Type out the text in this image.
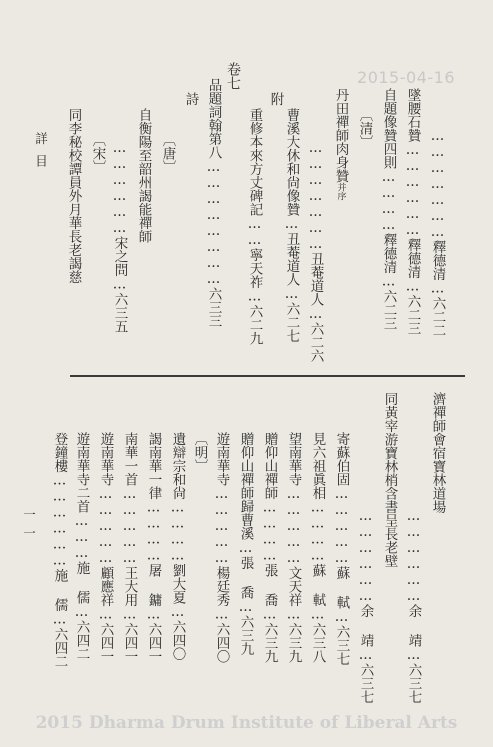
2015-04-16
詳目	…………………釋德清…六二二
墜腰石贊………………釋德清…六二三
自題像贊四則…………釋德清…六二三
〔清〕
丹田禪師肉身贊并序
…………………丑菴道人…六二六
曹溪大休和尙像贊…丑菴道人…六二七
附
重修本來方丈碑記……寧天祚…六二九
卷七
品題詞翰第八……………………六三三
詩
〔唐〕
自衡陽至韶州謁能禪師
………………宋之問…六三五
〔宋〕
同李秘校譚員外月華長老謁慈
濟禪師會宿寶林道場
………………余 靖…六三七
同黃宰游寶林梢含書呈長老壁
………………余 靖…六三七
寄蘇伯固……………蘇 軾…六三七
見六祖眞相…………蘇 軾…六三八
望南華寺……………文天祥…六三九
贈仰山禪師…………張 喬…六三九
贈仰山禪師歸曹溪…張 喬…六三九
遊南華寺……………楊廷秀…六四〇
〔明〕
遺辯宗和尙…………劉大夏…六四〇
謁南華一律…………屠 鏞…六四一
南華一首……………王大用…六四一
遊南華寺……………顧應祥…六四一
遊南華寺二首………施 儒…六四二
登鐘樓………………施 儒…六四二
一一
2015 Dharma Drum Institute of Liberal Arts
